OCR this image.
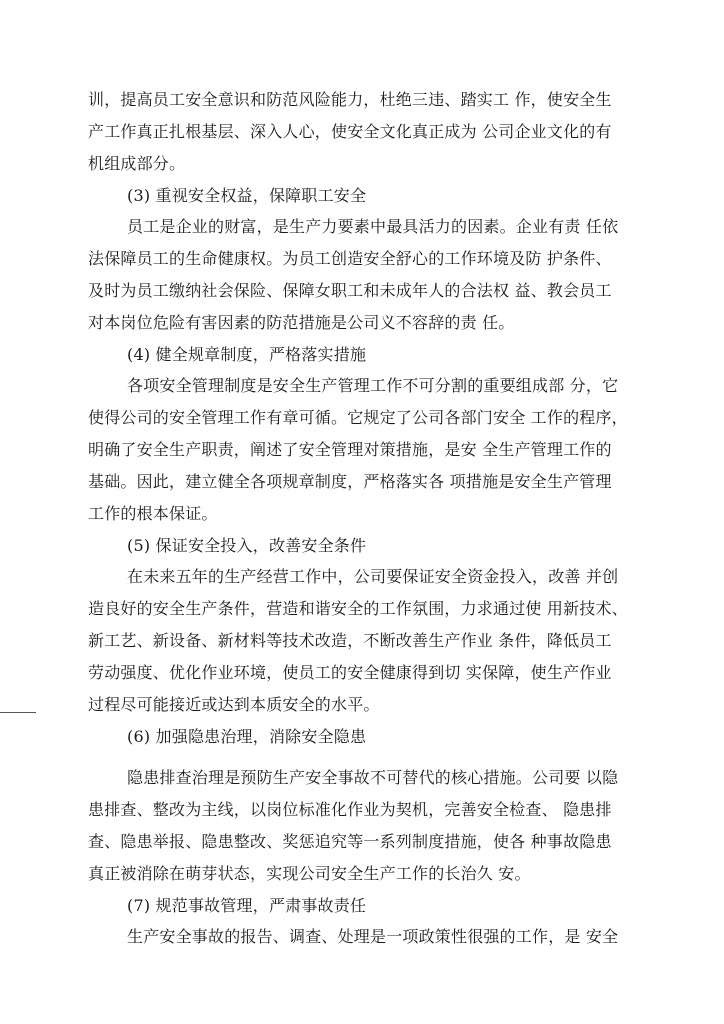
训，提高员工安全意识和防范风险能力，杜绝三违、踏实工 作，使安全生
产工作真正扎根基层、深入人心，使安全文化真正成为 公司企业文化的有
机组成部分。
(3) 重视安全权益，保障职工安全
员工是企业的财富，是生产力要素中最具活力的因素。企业有责 任依
法保障员工的生命健康权。为员工创造安全舒心的工作环境及防 护条件、
及时为员工缴纳社会保险、保障女职工和未成年人的合法权 益、教会员工
对本岗位危险有害因素的防范措施是公司义不容辞的责 任。
(4) 健全规章制度，严格落实措施
各项安全管理制度是安全生产管理工作不可分割的重要组成部 分，它
使得公司的安全管理工作有章可循。它规定了公司各部门安全 工作的程序，
明确了安全生产职责，阐述了安全管理对策措施，是安 全生产管理工作的
基础。因此，建立健全各项规章制度，严格落实各 项措施是安全生产管理
工作的根本保证。
(5) 保证安全投入，改善安全条件
在未来五年的生产经营工作中，公司要保证安全资金投入，改善 并创
造良好的安全生产条件，营造和谐安全的工作氛围，力求通过使 用新技术、
新工艺、新设备、新材料等技术改造，不断改善生产作业 条件，降低员工
劳动强度、优化作业环境，使员工的安全健康得到切 实保障，使生产作业
过程尽可能接近或达到本质安全的水平。
(6) 加强隐患治理，消除安全隐患
隐患排查治理是预防生产安全事故不可替代的核心措施。公司要 以隐
患排查、整改为主线，以岗位标准化作业为契机，完善安全检查、 隐患排
查、隐患举报、隐患整改、奖惩追究等一系列制度措施，使各 种事故隐患
真正被消除在萌芽状态，实现公司安全生产工作的长治久 安。
(7) 规范事故管理，严肃事故责任
生产安全事故的报告、调查、处理是一项政策性很强的工作，是 安全
